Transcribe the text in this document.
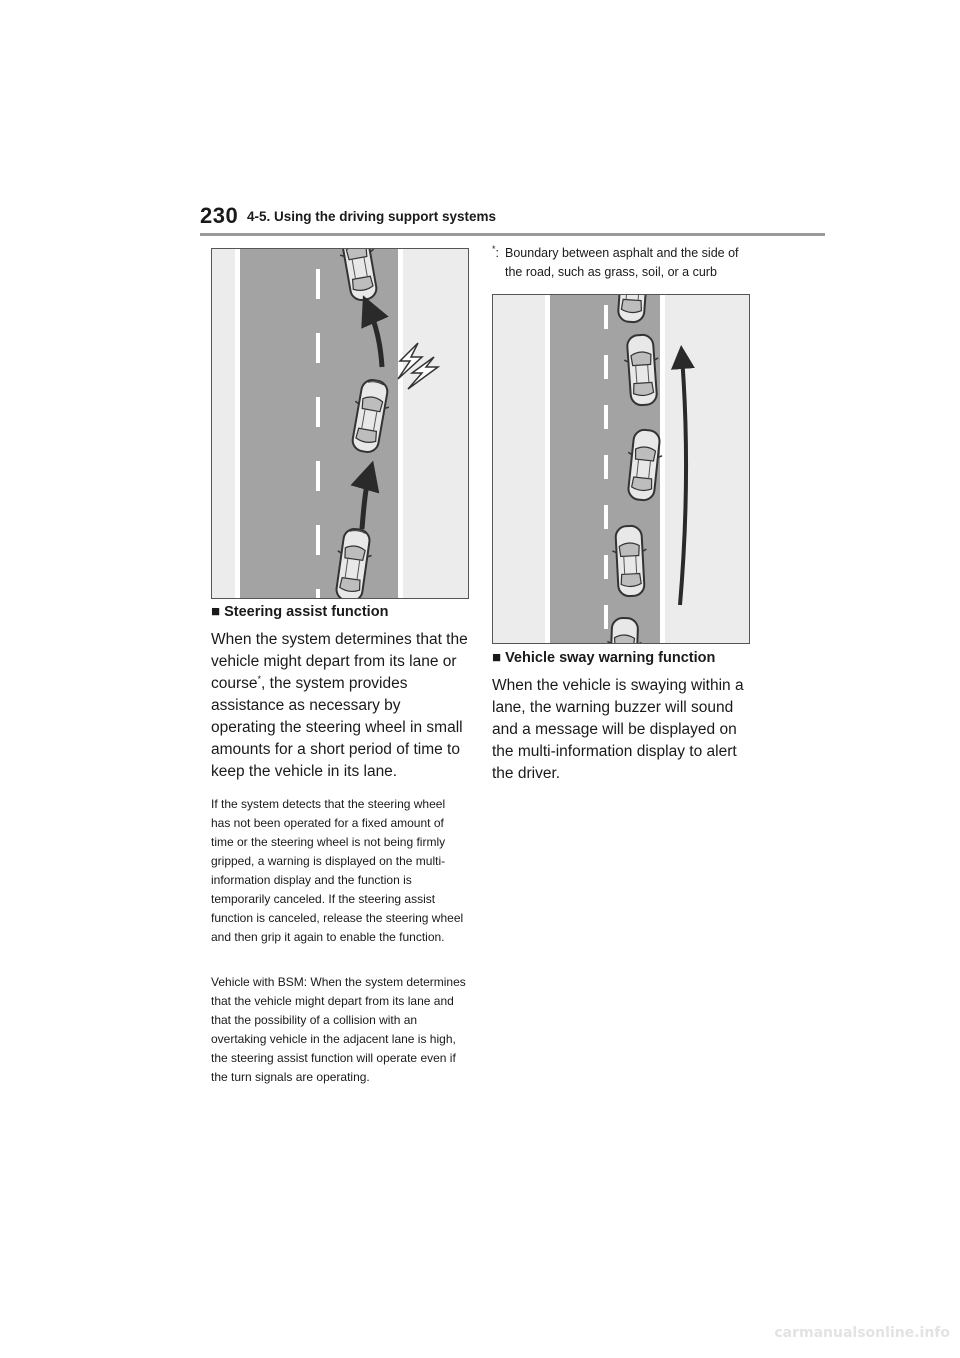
230 4-5. Using the driving support systems
■ Steering assist function
When the system determines that the vehicle might depart from its lane or course*, the system provides assistance as necessary by operating the steering wheel in small amounts for a short period of time to keep the vehicle in its lane.
If the system detects that the steering wheel has not been operated for a fixed amount of time or the steering wheel is not being firmly gripped, a warning is displayed on the multi-information display and the function is temporarily canceled. If the steering assist function is canceled, release the steering wheel and then grip it again to enable the function.
Vehicle with BSM: When the system determines that the vehicle might depart from its lane and that the possibility of a collision with an overtaking vehicle in the adjacent lane is high, the steering assist function will operate even if the turn signals are operating.
*: Boundary between asphalt and the side of the road, such as grass, soil, or a curb
■ Vehicle sway warning function
When the vehicle is swaying within a lane, the warning buzzer will sound and a message will be displayed on the multi-information display to alert the driver.
carmanualsonline.info
